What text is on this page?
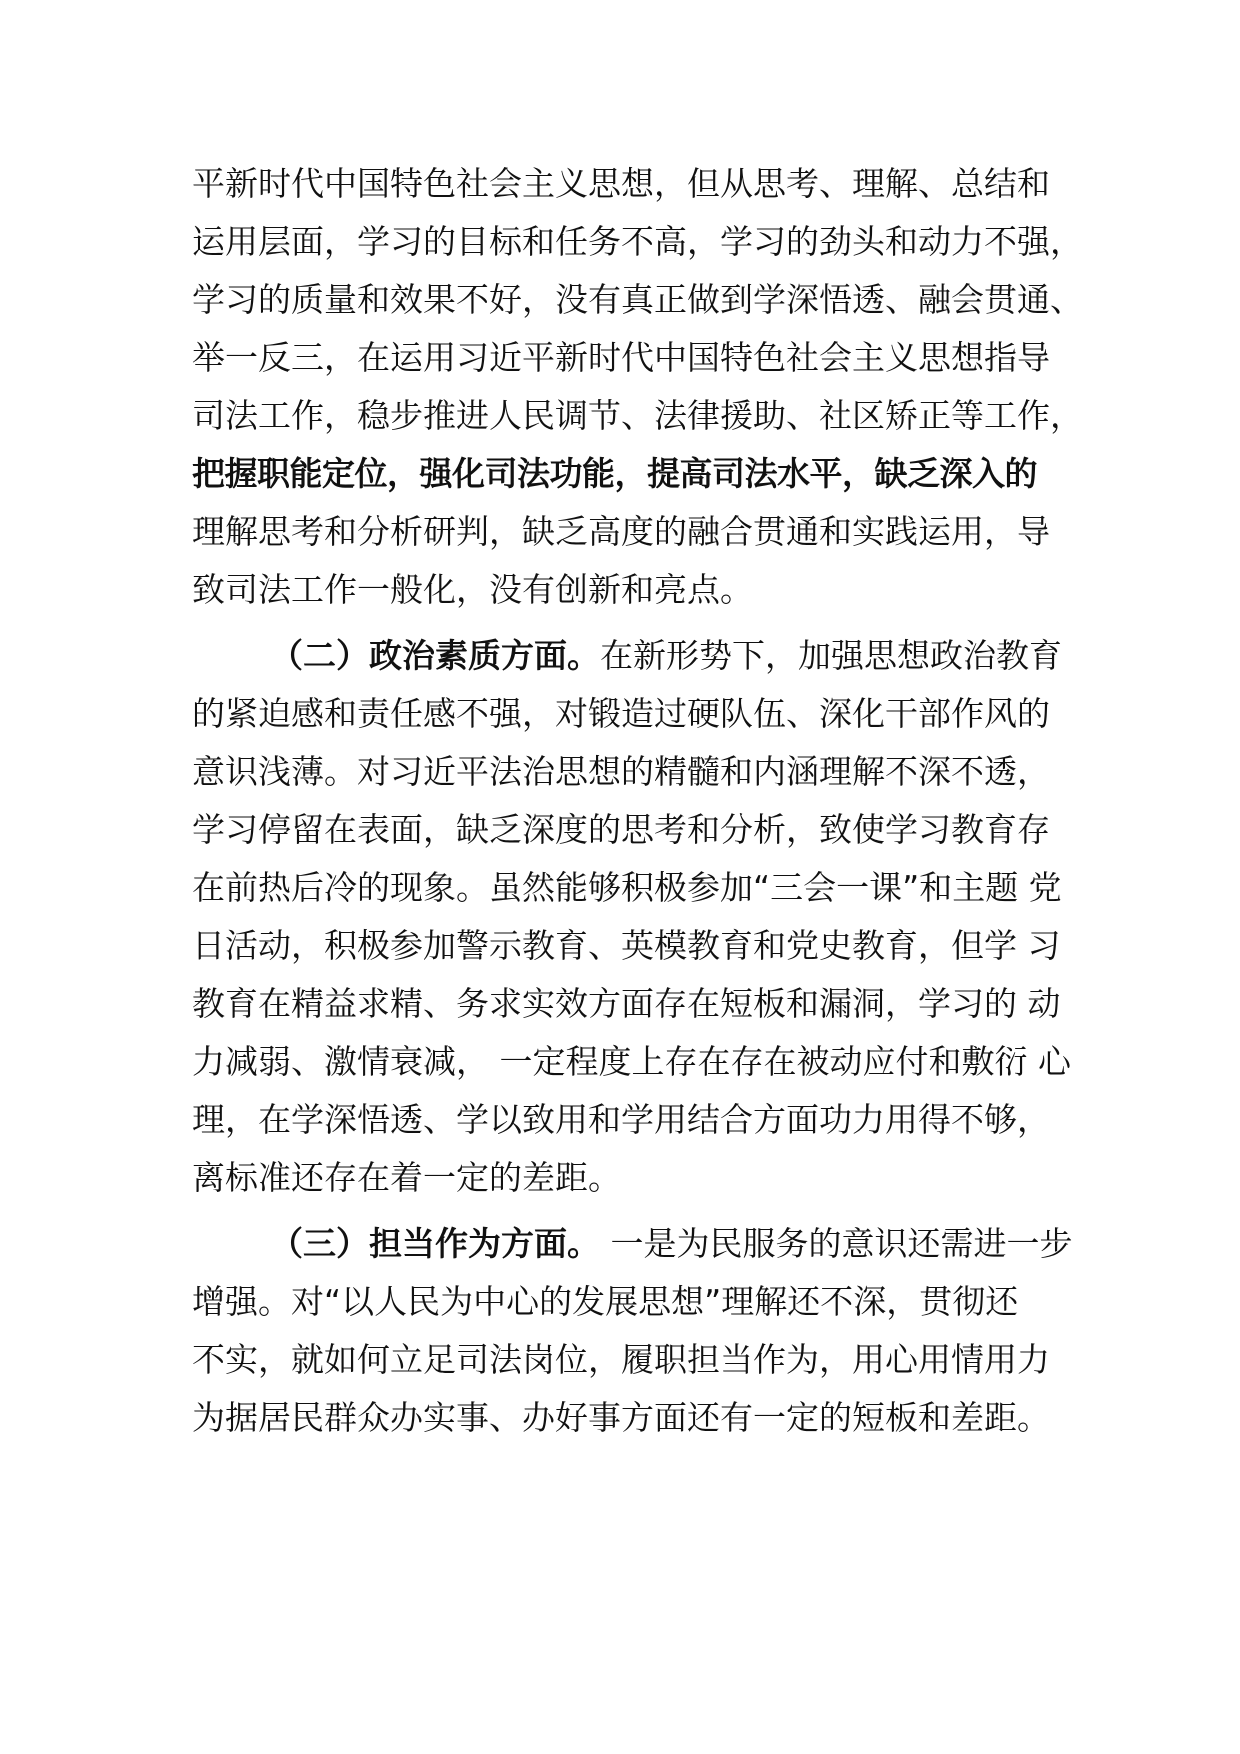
平新时代中国特色社会主义思想，但从思考、理解、总结和
运用层面，学习的目标和任务不高，学习的劲头和动力不强，
学习的质量和效果不好，没有真正做到学深悟透、融会贯通、
举一反三，在运用习近平新时代中国特色社会主义思想指导
司法工作，稳步推进人民调节、法律援助、社区矫正等工作，
把握职能定位，强化司法功能，提高司法水平，缺乏深入的
理解思考和分析研判，缺乏高度的融合贯通和实践运用，导
致司法工作一般化，没有创新和亮点。
（二）政治素质方面。在新形势下，加强思想政治教育
的紧迫感和责任感不强，对锻造过硬队伍、深化干部作风的
意识浅薄。对习近平法治思想的精髓和内涵理解不深不透，
学习停留在表面，缺乏深度的思考和分析，致使学习教育存
在前热后冷的现象。虽然能够积极参加“三会一课”和主题 党
日活动，积极参加警示教育、英模教育和党史教育，但学 习
教育在精益求精、务求实效方面存在短板和漏洞，学习的 动
力减弱、激情衰减， 一定程度上存在存在被动应付和敷衍 心
理，在学深悟透、学以致用和学用结合方面功力用得不够，
离标准还存在着一定的差距。
（三）担当作为方面。 一是为民服务的意识还需进一步
增强。对“以人民为中心的发展思想”理解还不深，贯彻还
不实，就如何立足司法岗位，履职担当作为，用心用情用力
为据居民群众办实事、办好事方面还有一定的短板和差距。
